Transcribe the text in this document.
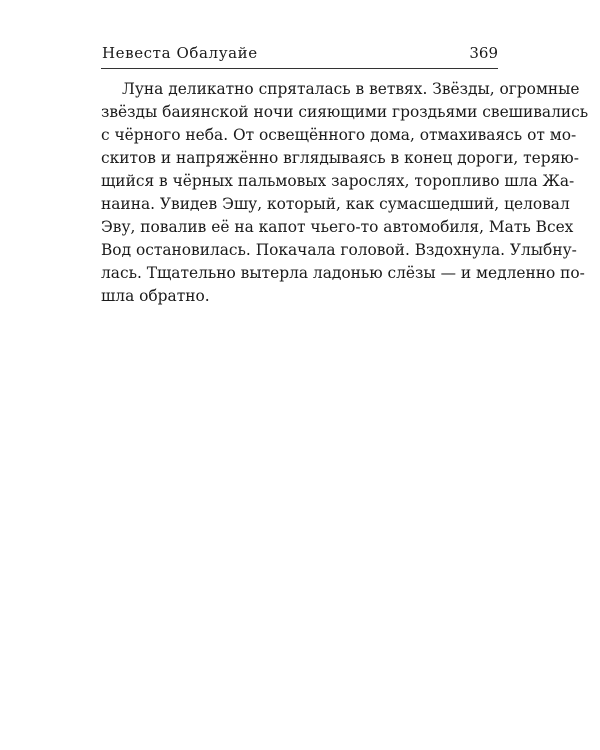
Невеста Обалуайе	369
Луна деликатно спряталась в ветвях. Звёзды, огромные
звёзды баиянской ночи сияющими гроздьями свешивались
с чёрного неба. От освещённого дома, отмахиваясь от мо-
скитов и напряжённо вглядываясь в конец дороги, теряю-
щийся в чёрных пальмовых зарослях, торопливо шла Жа-
наина. Увидев Эшу, который, как сумасшедший, целовал
Эву, повалив её на капот чьего-то автомобиля, Мать Всех
Вод остановилась. Покачала головой. Вздохнула. Улыбну-
лась. Тщательно вытерла ладонью слёзы — и медленно по-
шла обратно.
